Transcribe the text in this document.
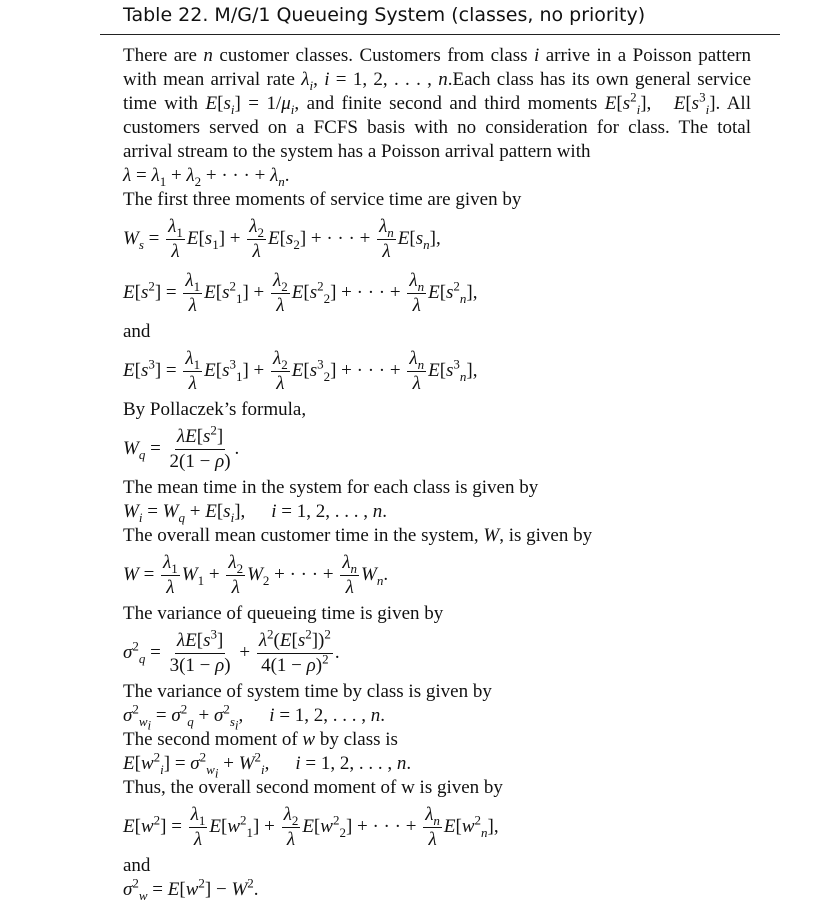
Table 22. M/G/1 Queueing System (classes, no priority)
There are n customer classes. Customers from class i arrive in a Poisson pattern with mean arrival rate $\lambda_i$, i = 1, 2, . . . , n.Each class has its own general service time with $E[s_i] = 1/\mu_i$, and finite second and third moments $E[s^2_i]$,   $E[s^3_i]$. All customers served on a FCFS basis with no consideration for class. The total arrival stream to the system has a Poisson arrival pattern with
$\lambda = \lambda_1 + \lambda_2$ + · · · + $\lambda_n$.
The first three moments of service time are given by
$W_s = \frac{\lambda_1}{\lambda} E[s_1] + \frac{\lambda_2}{\lambda} E[s_2]$ + · · · + $\frac{\lambda_n}{\lambda} E[s_n]$,
$E[s^2] = \frac{\lambda_1}{\lambda} E[s^2_1] + \frac{\lambda_2}{\lambda} E[s^2_2]$ + · · · + $\frac{\lambda_n}{\lambda} E[s^2_n]$,
and
$E[s^3] = \frac{\lambda_1}{\lambda} E[s^3_1] + \frac{\lambda_2}{\lambda} E[s^3_2]$ + · · · + $\frac{\lambda_n}{\lambda} E[s^3_n]$,
By Pollaczek’s formula,
$W_q = \frac{\lambda E[s^2]}{2(1 - \rho)}$ .
The mean time in the system for each class is given by
$W_i = W_q + E[s_i]$, i = 1, 2, . . . , n.
The overall mean customer time in the system, W, is given by
$W = \frac{\lambda_1}{\lambda} W_1 + \frac{\lambda_2}{\lambda} W_2$ + · · · + $\frac{\lambda_n}{\lambda} W_n$.
The variance of queueing time is given by
$\sigma^2_q = \frac{\lambda E[s^3]}{3(1 - \rho)} + \frac{\lambda^2(E[s^2])^2}{4(1 - \rho)^2}$ .
The variance of system time by class is given by
$\sigma^2_{w_i} = \sigma^2_q + \sigma^2_{s_i}$, i = 1, 2, . . . , n.
The second moment of w by class is
$E[w^2_i] = \sigma^2_{w_i} + W^2_i$, i = 1, 2, . . . , n.
Thus, the overall second moment of w is given by
$E[w^2] = \frac{\lambda_1}{\lambda} E[w^2_1] + \frac{\lambda_2}{\lambda} E[w^2_2]$ + · · · + $\frac{\lambda_n}{\lambda} E[w^2_n]$,
and
$\sigma^2_w = E[w^2] - W^2$.
